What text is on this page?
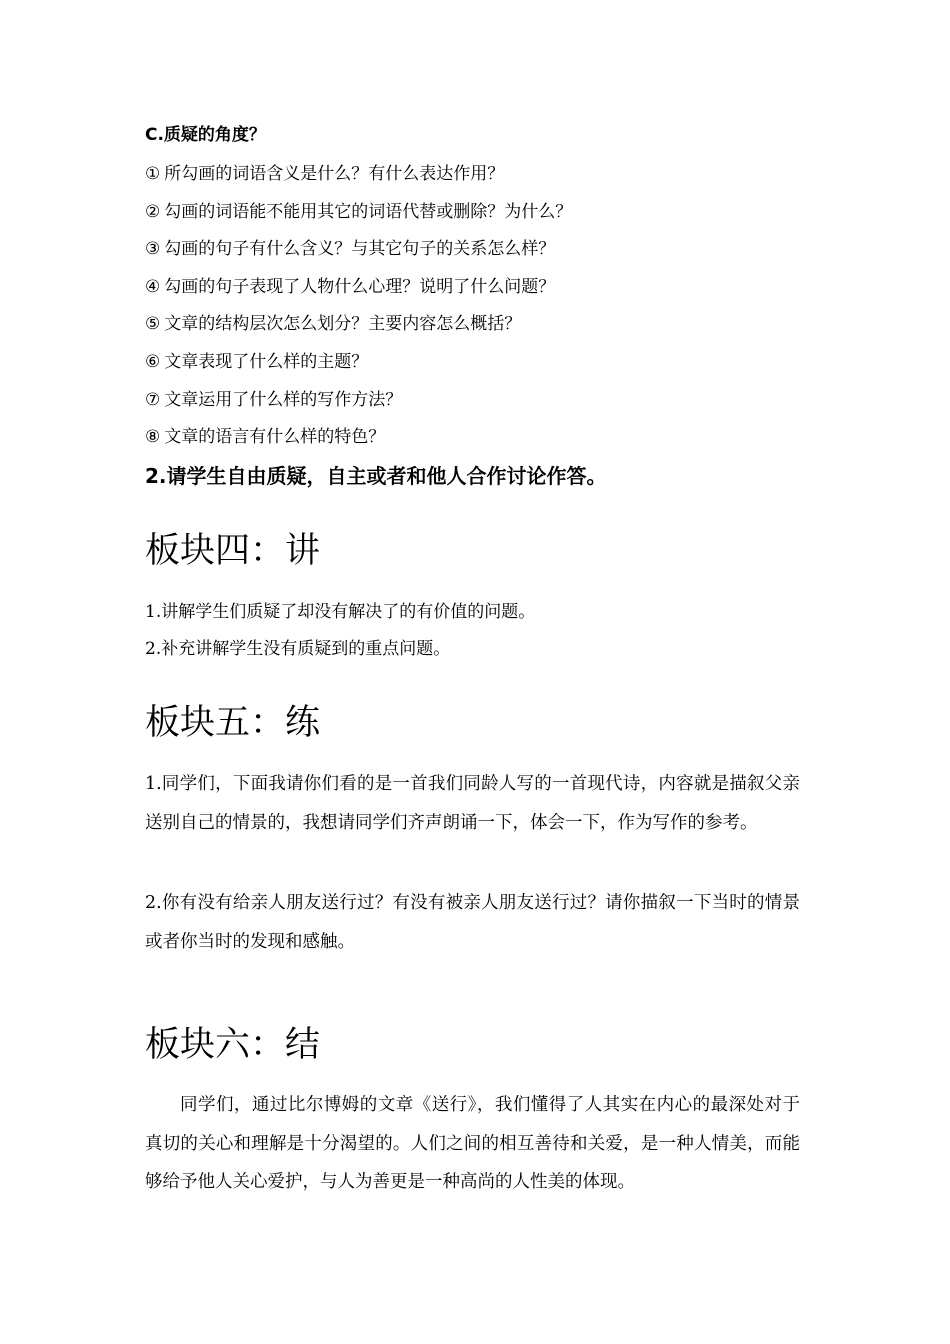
C.质疑的角度？
① 所勾画的词语含义是什么？有什么表达作用？
② 勾画的词语能不能用其它的词语代替或删除？为什么？
③ 勾画的句子有什么含义？与其它句子的关系怎么样？
④ 勾画的句子表现了人物什么心理？说明了什么问题？
⑤ 文章的结构层次怎么划分？主要内容怎么概括？
⑥ 文章表现了什么样的主题？
⑦ 文章运用了什么样的写作方法？
⑧ 文章的语言有什么样的特色？
2.请学生自由质疑，自主或者和他人合作讨论作答。
板块四：讲
1.讲解学生们质疑了却没有解决了的有价值的问题。
2.补充讲解学生没有质疑到的重点问题。
板块五：练
1.同学们，下面我请你们看的是一首我们同龄人写的一首现代诗，内容就是描叙父亲送别自己的情景的，我想请同学们齐声朗诵一下，体会一下，作为写作的参考。
2.你有没有给亲人朋友送行过？有没有被亲人朋友送行过？请你描叙一下当时的情景或者你当时的发现和感触。
板块六：结
同学们，通过比尔博姆的文章《送行》，我们懂得了人其实在内心的最深处对于真切的关心和理解是十分渴望的。人们之间的相互善待和关爱，是一种人情美，而能够给予他人关心爱护，与人为善更是一种高尚的人性美的体现。
